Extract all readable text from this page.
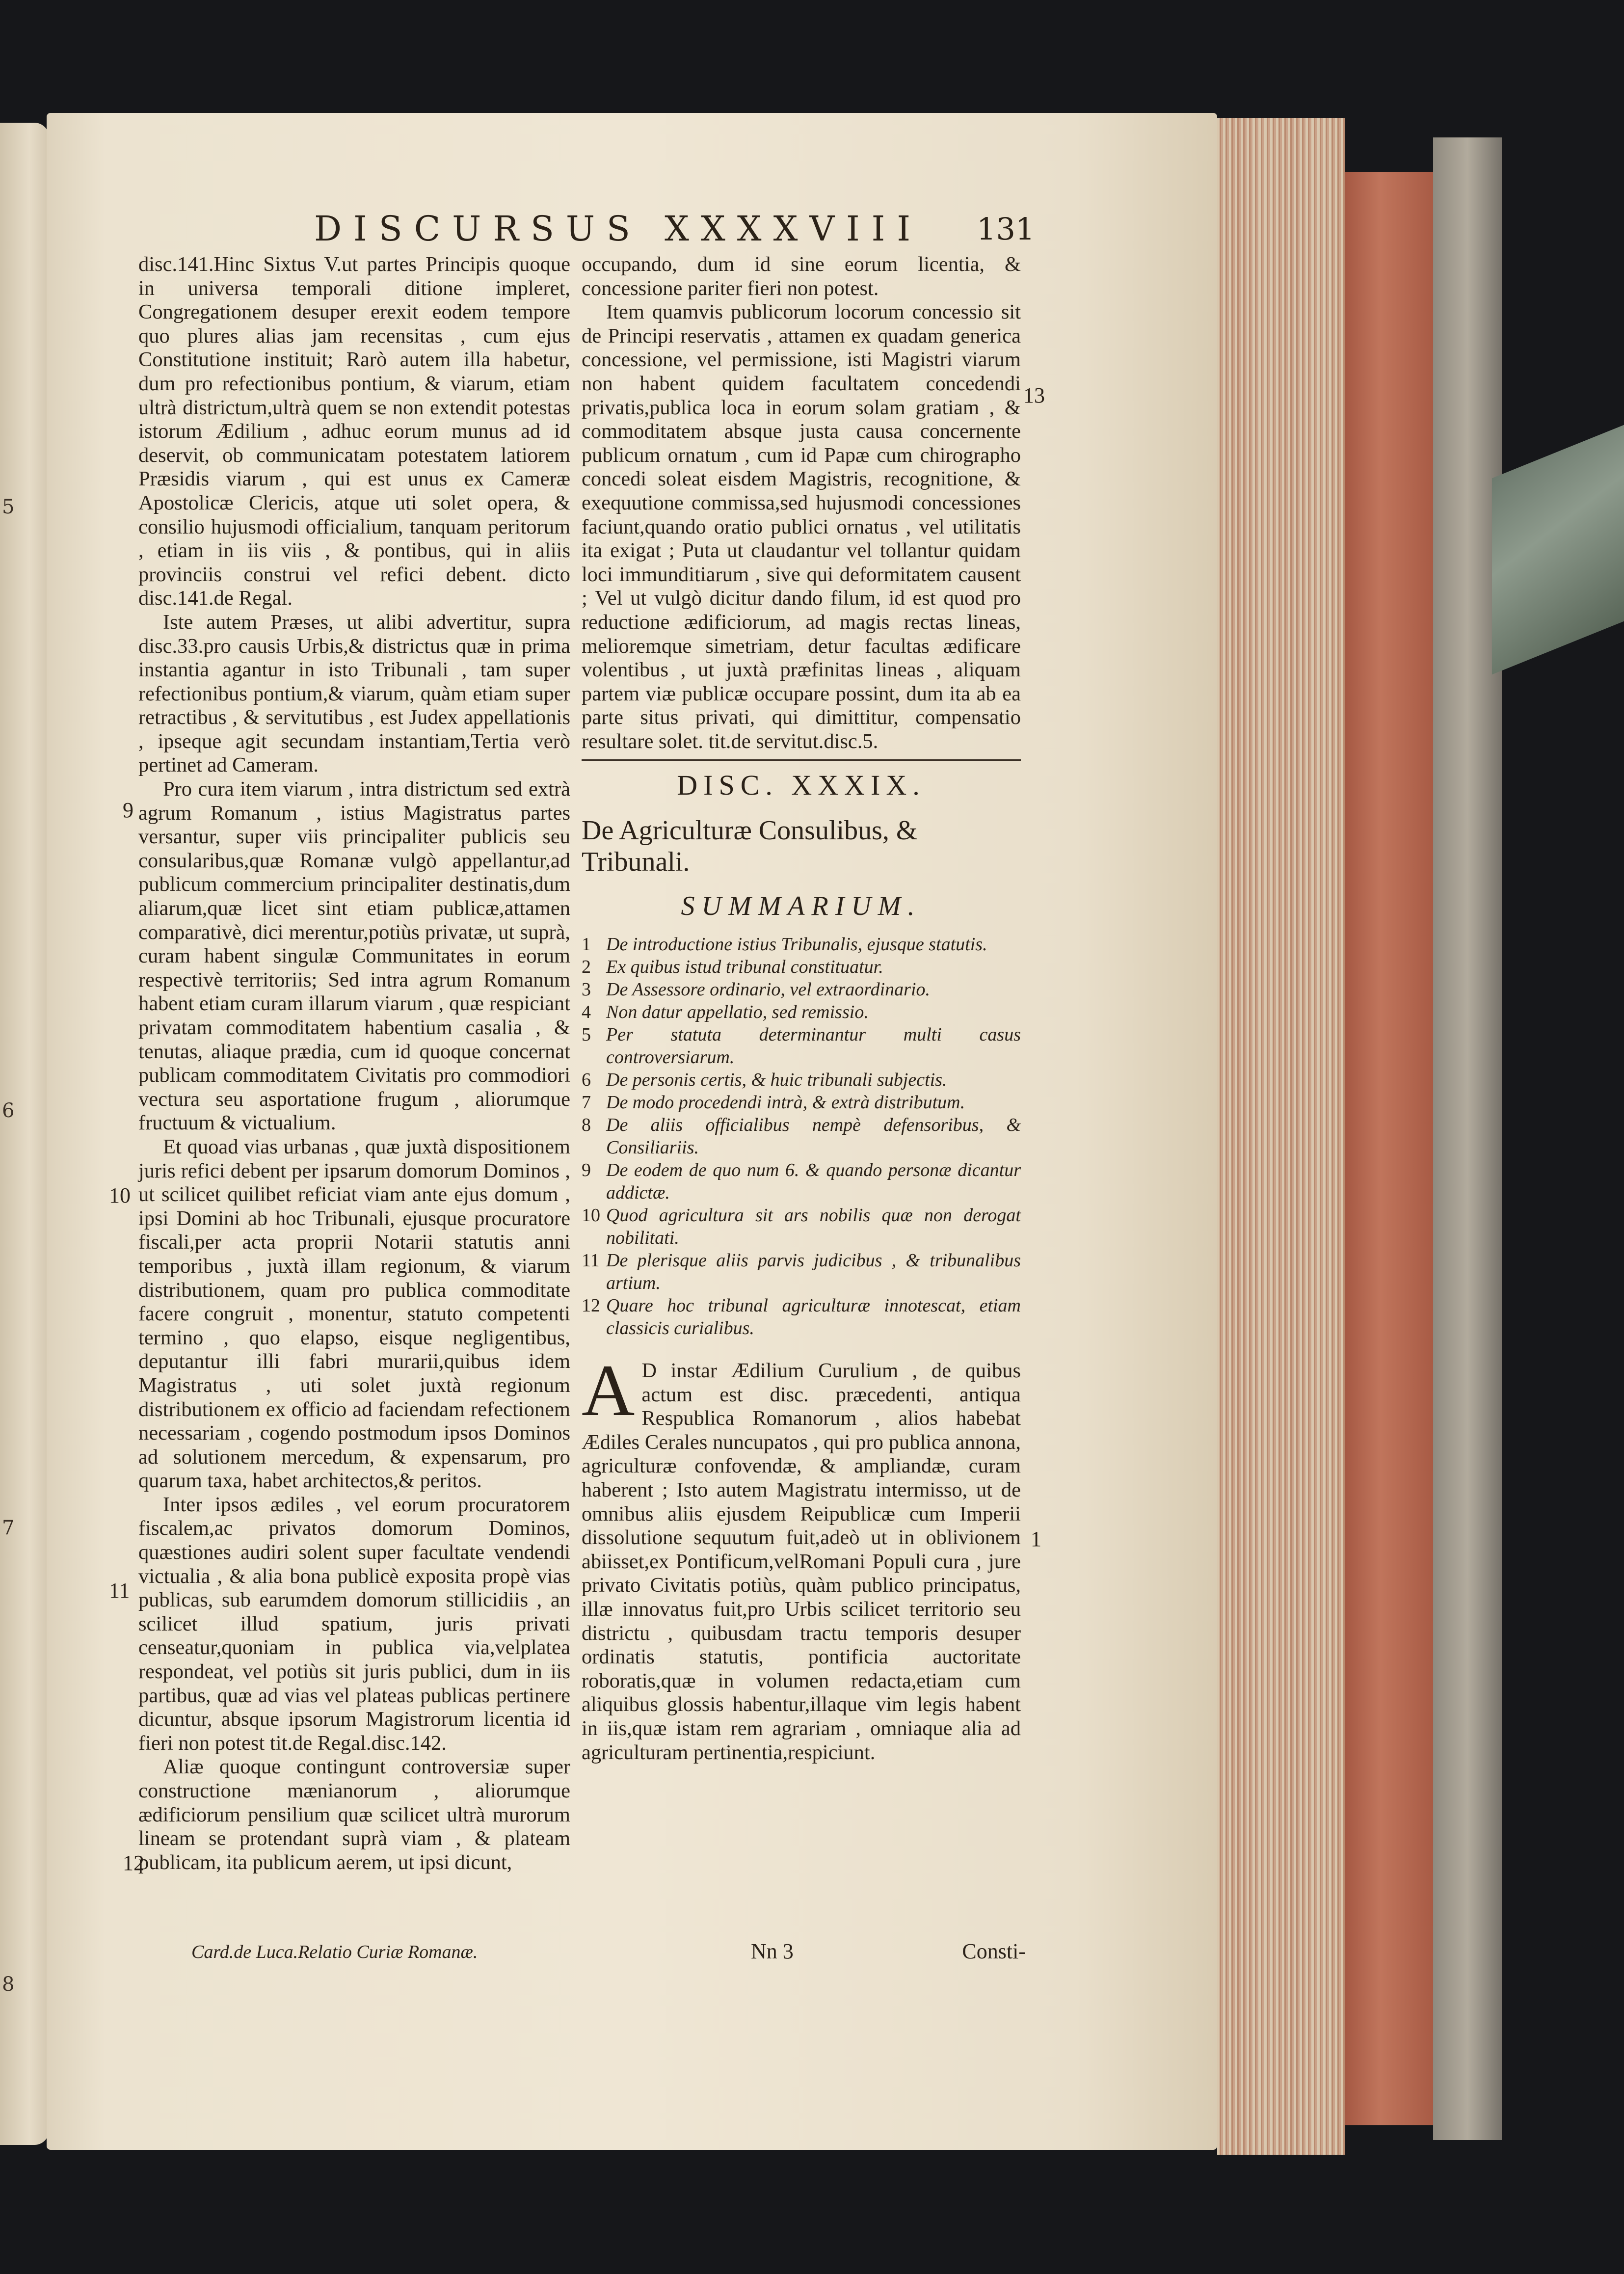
5
6
7
8
DISCURSUS XXXXVIII	131

disc.141.Hinc Sixtus V.ut partes Principis quoque in universa temporali ditione impleret, Congregationem desuper erexit eodem tempore quo plures alias jam recensitas , cum ejus Constitutione instituit; Rarò autem illa habetur, dum pro refectionibus pontium, & viarum, etiam ultrà districtum,ultrà quem se non extendit potestas istorum Ædilium , adhuc eorum munus ad id deservit, ob communicatam potestatem latiorem Præsidis viarum , qui est unus ex Cameræ Apostolicæ Clericis, atque uti solet opera, & consilio hujusmodi officialium, tanquam peritorum , etiam in iis viis , & pontibus, qui in aliis provinciis construi vel refici debent. dicto disc.141.de Regal.

Iste autem Præses, ut alibi advertitur, supra disc.33.pro causis Urbis,& districtus quæ in prima instantia agantur in isto Tribunali , tam super refectionibus pontium,& viarum, quàm etiam super retractibus , & servitutibus , est Judex appellationis , ipseque agit secundam instantiam,Tertia verò pertinet ad Cameram.

Pro cura item viarum , intra districtum sed extrà agrum Romanum , istius Magistratus partes versantur, super viis principaliter publicis seu consularibus,quæ Romanæ vulgò appellantur,ad publicum commercium principaliter destinatis,dum aliarum,quæ licet sint etiam publicæ,attamen comparativè, dici merentur,potiùs privatæ, ut suprà, curam habent singulæ Communitates in eorum respectivè territoriis; Sed intra agrum Romanum habent etiam curam illarum viarum , quæ respiciant privatam commoditatem habentium casalia , & tenutas, aliaque prædia, cum id quoque concernat publicam commoditatem Civitatis pro commodiori vectura seu asportatione frugum , aliorumque fructuum & victualium.

Et quoad vias urbanas , quæ juxtà dispositionem juris refici debent per ipsarum domorum Dominos , ut scilicet quilibet reficiat viam ante ejus domum , ipsi Domini ab hoc Tribunali, ejusque procuratore fiscali,per acta proprii Notarii statutis anni temporibus , juxtà illam regionum, & viarum distributionem, quam pro publica commoditate facere congruit , monentur, statuto competenti termino , quo elapso, eisque negligentibus, deputantur illi fabri murarii,quibus idem Magistratus , uti solet juxtà regionum distributionem ex officio ad faciendam refectionem necessariam , cogendo postmodum ipsos Dominos ad solutionem mercedum, & expensarum, pro quarum taxa, habet architectos,& peritos.

Inter ipsos ædiles , vel eorum procuratorem fiscalem,ac privatos domorum Dominos, quæstiones audiri solent super facultate vendendi victualia , & alia bona publicè exposita propè vias publicas, sub earumdem domorum stillicidiis , an scilicet illud spatium, juris privati censeatur,quoniam in publica via,velplatea respondeat, vel potiùs sit juris publici, dum in iis partibus, quæ ad vias vel plateas publicas pertinere dicuntur, absque ipsorum Magistrorum licentia id fieri non potest tit.de Regal.disc.142.

Aliæ quoque contingunt controversiæ super constructione mænianorum , aliorumque ædificiorum pensilium quæ scilicet ultrà murorum lineam se protendant suprà viam , & plateam publicam, ita publicum aerem, ut ipsi dicunt,

Card.de Luca.Relatio Curiæ Romanæ.
9
10
11
12

occupando, dum id sine eorum licentia, & concessione pariter fieri non potest.

Item quamvis publicorum locorum concessio sit de Principi reservatis , attamen ex quadam generica concessione, vel permissione, isti Magistri viarum non habent quidem facultatem concedendi privatis,publica loca in eorum solam gratiam , & commoditatem absque justa causa concernente publicum ornatum , cum id Papæ cum chirographo concedi soleat eisdem Magistris, recognitione, & exequutione commissa,sed hujusmodi concessiones faciunt,quando oratio publici ornatus , vel utilitatis ita exigat ; Puta ut claudantur vel tollantur quidam loci immunditiarum , sive qui deformitatem causent ; Vel ut vulgò dicitur dando filum, id est quod pro reductione ædificiorum, ad magis rectas lineas, melioremque simetriam, detur facultas ædificare volentibus , ut juxtà præfinitas lineas , aliquam partem viæ publicæ occupare possint, dum ita ab ea parte situs privati, qui dimittitur, compensatio resultare solet. tit.de servitut.disc.5.

DISC. XXXIX.
De Agriculturæ Consulibus, & Tribunali.
SUMMARIUM.
1 De introductione istius Tribunalis, ejusque statutis.
2 Ex quibus istud tribunal constituatur.
3 De Assessore ordinario, vel extraordinario.
4 Non datur appellatio, sed remissio.
5 Per statuta determinantur multi casus controversiarum.
6 De personis certis, & huic tribunali subjectis.
7 De modo procedendi intrà, & extrà distributum.
8 De aliis officialibus nempè defensoribus, & Consiliariis.
9 De eodem de quo num 6. & quando personæ dicantur addictæ.
10 Quod agricultura sit ars nobilis quæ non derogat nobilitati.
11 De plerisque aliis parvis judicibus , & tribunalibus artium.
12 Quare hoc tribunal agriculturæ innotescat, etiam classicis curialibus.

A D instar Ædilium Curulium , de quibus actum est disc. præcedenti, antiqua Respublica Romanorum , alios habebat Ædiles Cerales nuncupatos , qui pro publica annona, agriculturæ confovendæ, & ampliandæ, curam haberent ; Isto autem Magistratu intermisso, ut de omnibus aliis ejusdem Reipublicæ cum Imperii dissolutione sequutum fuit,adeò ut in oblivionem abiisset,ex Pontificum,velRomani Populi cura , jure privato Civitatis potiùs, quàm publico principatus, illæ innovatus fuit,pro Urbis scilicet territorio seu districtu , quibusdam tractu temporis desuper ordinatis statutis, pontificia auctoritate roboratis,quæ in volumen redacta,etiam cum aliquibus glossis habentur,illaque vim legis habent in iis,quæ istam rem agrariam , omniaque alia ad agriculturam pertinentia,respiciunt.

13
1
Nn 3	Consti-
